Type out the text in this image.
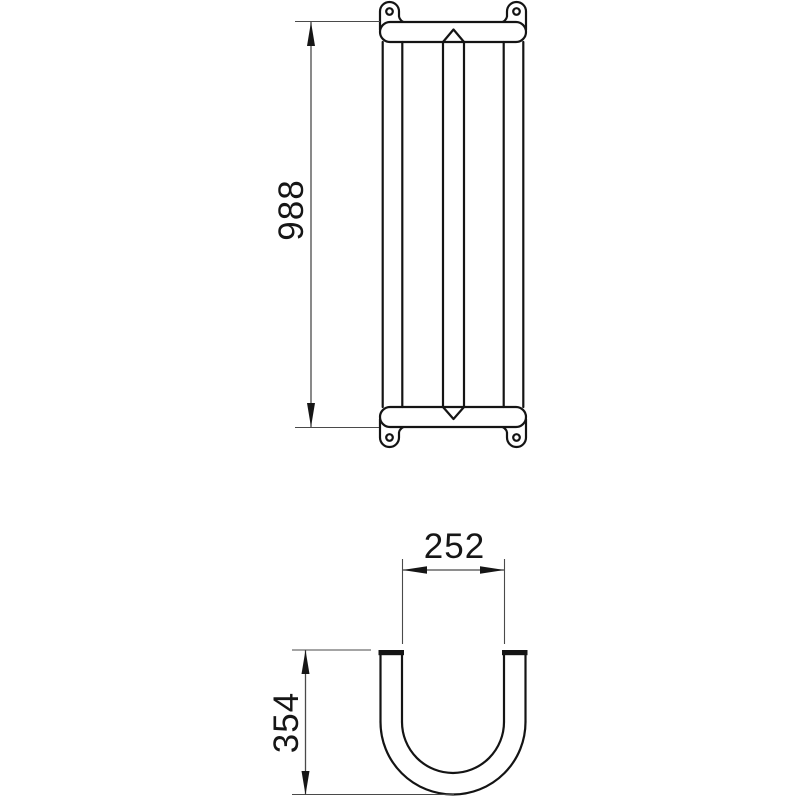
988
252
354
